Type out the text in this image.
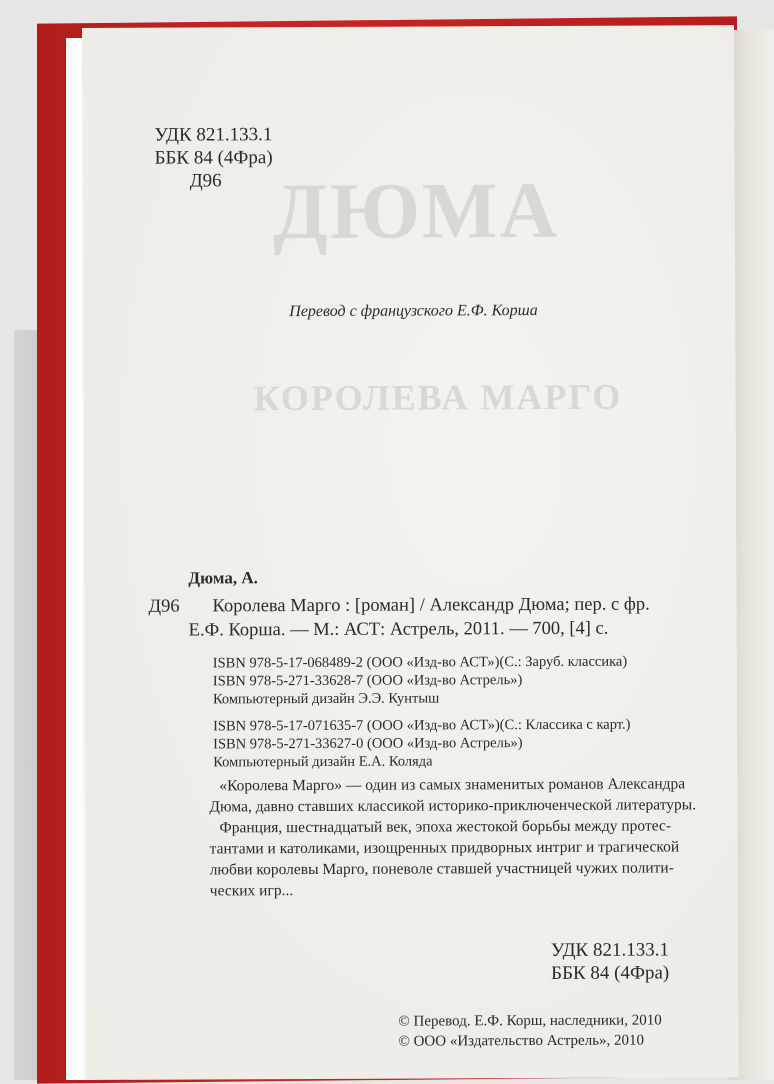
ДЮМА
КОРОЛЕВА МАРГО
УДК 821.133.1
ББК 84 (4Фра)
Д96
Перевод с французского Е.Ф. Корша
Дюма, А.
Д96 Королева Марго : [роман] / Александр Дюма; пер. с фр.
Е.Ф. Корша. — М.: АСТ: Астрель, 2011. — 700, [4] с.
ISBN 978-5-17-068489-2 (ООО «Изд-во АСТ»)(С.: Заруб. классика)
ISBN 978-5-271-33628-7 (ООО «Изд-во Астрель»)
Компьютерный дизайн Э.Э. Кунтыш
ISBN 978-5-17-071635-7 (ООО «Изд-во АСТ»)(С.: Классика с карт.)
ISBN 978-5-271-33627-0 (ООО «Изд-во Астрель»)
Компьютерный дизайн Е.А. Коляда
«Королева Марго» — один из самых знаменитых романов Александра
Дюма, давно ставших классикой историко-приключенческой литературы.
Франция, шестнадцатый век, эпоха жестокой борьбы между протес-
тантами и католиками, изощренных придворных интриг и трагической
любви королевы Марго, поневоле ставшей участницей чужих полити-
ческих игр...
УДК 821.133.1
ББК 84 (4Фра)
© Перевод. Е.Ф. Корш, наследники, 2010
© ООО «Издательство Астрель», 2010
